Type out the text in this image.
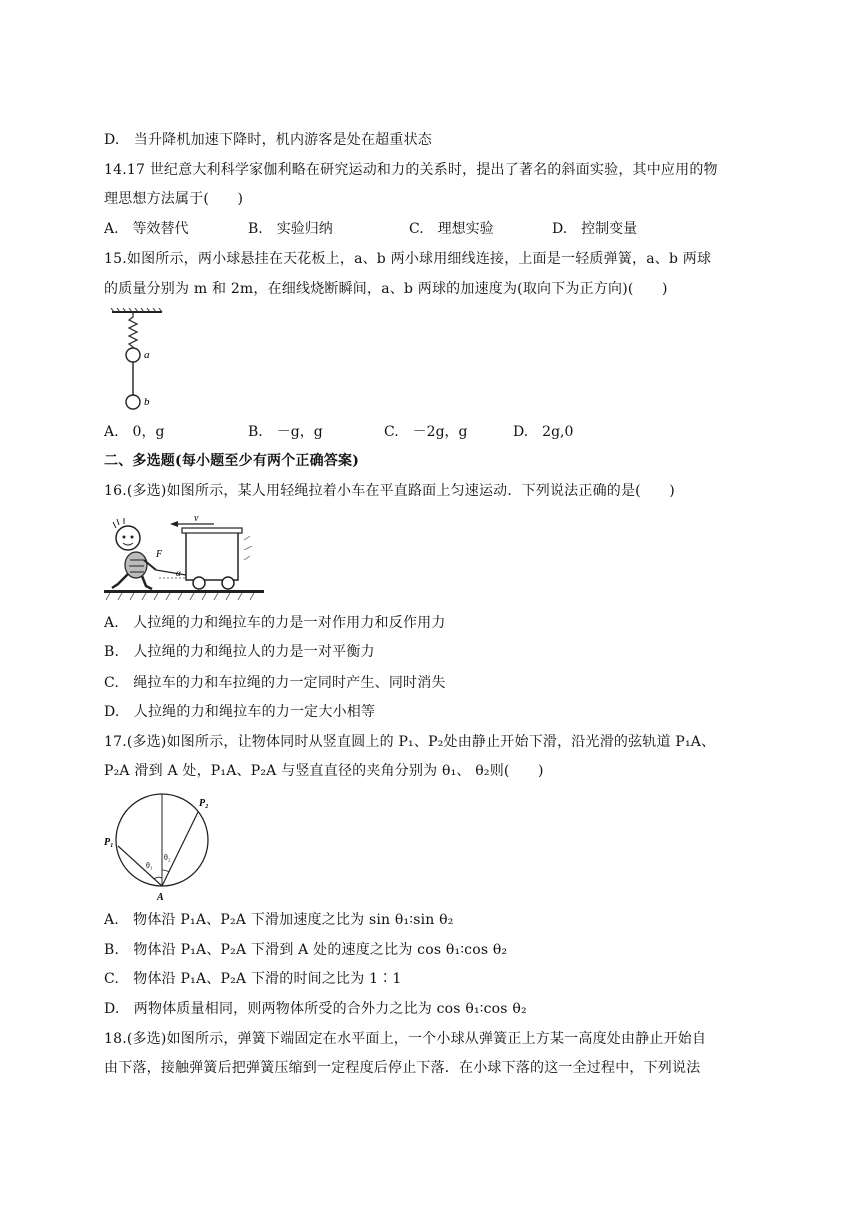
D.　当升降机加速下降时，机内游客是处在超重状态
14.17 世纪意大利科学家伽利略在研究运动和力的关系时，提出了著名的斜面实验，其中应用的物
理思想方法属于(　　)
A.　等效替代	B.　实验归纳	C.　理想实验	D.　控制变量
15.如图所示，两小球悬挂在天花板上，a、b 两小球用细线连接，上面是一轻质弹簧，a、b 两球
的质量分别为 m 和 2m，在细线烧断瞬间，a、b 两球的加速度为(取向下为正方向)(　　)
a
b
A.　0，g	B.　－g，g	C.　－2g，g	D.　2g,0
二、多选题(每小题至少有两个正确答案)
16.(多选)如图所示，某人用轻绳拉着小车在平直路面上匀速运动．下列说法正确的是(　　)
v
F
α
A.　人拉绳的力和绳拉车的力是一对作用力和反作用力
B.　人拉绳的力和绳拉人的力是一对平衡力
C.　绳拉车的力和车拉绳的力一定同时产生、同时消失
D.　人拉绳的力和绳拉车的力一定大小相等
17.(多选)如图所示，让物体同时从竖直圆上的 P₁、P₂处由静止开始下滑，沿光滑的弦轨道 P₁A、
P₂A 滑到 A 处，P₁A、P₂A 与竖直直径的夹角分别为 θ₁、 θ₂则(　　)
P₂
P₁
θ₁
θ₂
A
A.　物体沿 P₁A、P₂A 下滑加速度之比为 sin θ₁∶sin θ₂
B.　物体沿 P₁A、P₂A 下滑到 A 处的速度之比为 cos θ₁∶cos θ₂
C.　物体沿 P₁A、P₂A 下滑的时间之比为 1∶1
D.　两物体质量相同，则两物体所受的合外力之比为 cos θ₁∶cos θ₂
18.(多选)如图所示，弹簧下端固定在水平面上，一个小球从弹簧正上方某一高度处由静止开始自
由下落，接触弹簧后把弹簧压缩到一定程度后停止下落．在小球下落的这一全过程中，下列说法
